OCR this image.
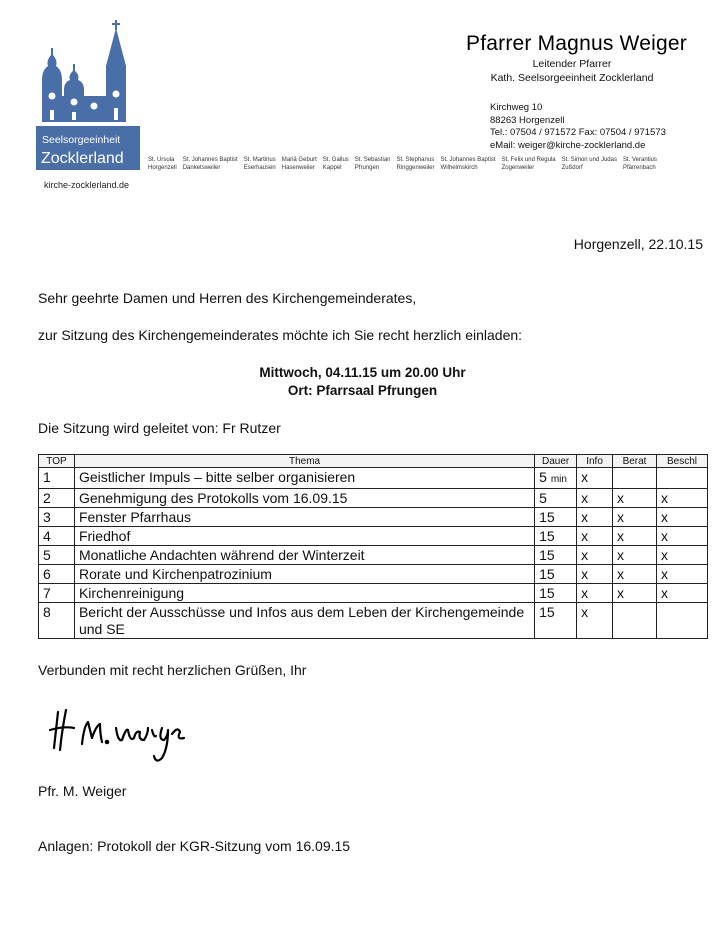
Seelsorgeeinheit
Zocklerland
kirche-zocklerland.de
St. Ursula
Horgenzell
St. Johannes Baptist
Danketsweiler
St. Martinus
Eserhausen
Mariä Geburt
Hasenweiler
St. Gallus
Kappel
St. Sebastian
Pfrungen
St. Stephanus
Ringgenweiler
St. Johannes Baptist
Wilhelmskirch
St. Felix und Regula
Zogenweiler
St. Simon und Judas
Zußdorf
St. Verantius
Pfärrenbach
Pfarrer Magnus Weiger
Leitender Pfarrer
Kath. Seelsorgeeinheit Zocklerland
Kirchweg 10
88263 Horgenzell
Tel.: 07504 / 971572 Fax: 07504 / 971573
eMail: weiger@kirche-zocklerland.de
Horgenzell, 22.10.15
Sehr geehrte Damen und Herren des Kirchengemeinderates,
zur Sitzung des Kirchengemeinderates möchte ich Sie recht herzlich einladen:
Mittwoch, 04.11.15 um 20.00 Uhr
Ort: Pfarrsaal Pfrungen
Die Sitzung wird geleitet von: Fr Rutzer
TOP	Thema	Dauer	Info	Berat	Beschl
1	Geistlicher Impuls – bitte selber organisieren	5 min	x		
2	Genehmigung des Protokolls vom 16.09.15	5	x	x	x
3	Fenster Pfarrhaus	15	x	x	x
4	Friedhof	15	x	x	x
5	Monatliche Andachten während der Winterzeit	15	x	x	x
6	Rorate und Kirchenpatrozinium	15	x	x	x
7	Kirchenreinigung	15	x	x	x
8	Bericht der Ausschüsse und Infos aus dem Leben der Kirchengemeinde und SE	15	x		
Verbunden mit recht herzlichen Grüßen, Ihr
Pfr. M. Weiger
Anlagen: Protokoll der KGR-Sitzung vom 16.09.15
